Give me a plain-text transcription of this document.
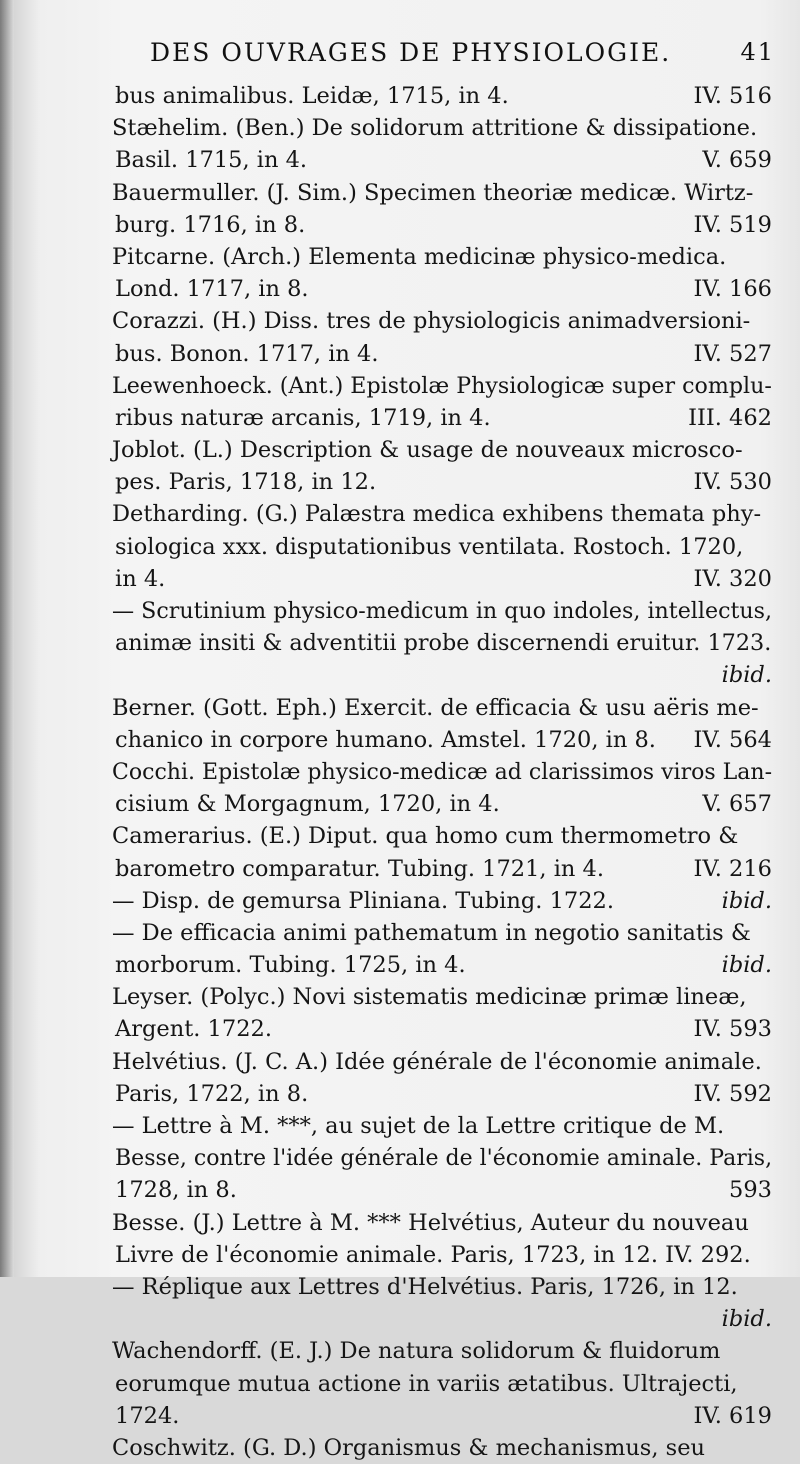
DES OUVRAGES DE PHYSIOLOGIE.	41
bus animalibus. Leidæ, 1715, in 4.	IV. 516
Stæhelim. (Ben.) De solidorum attritione & dissipatione.
Basil. 1715, in 4.	V. 659
Bauermuller. (J. Sim.) Specimen theoriæ medicæ. Wirtz-
burg. 1716, in 8.	IV. 519
Pitcarne. (Arch.) Elementa medicinæ physico-medica.
Lond. 1717, in 8.	IV. 166
Corazzi. (H.) Diss. tres de physiologicis animadversioni-
bus. Bonon. 1717, in 4.	IV. 527
Leewenhoeck. (Ant.) Epistolæ Physiologicæ super complu-
ribus naturæ arcanis, 1719, in 4.	III. 462
Joblot. (L.) Description & usage de nouveaux microsco-
pes. Paris, 1718, in 12.	IV. 530
Detharding. (G.) Palæstra medica exhibens themata phy-
siologica xxx. disputationibus ventilata. Rostoch. 1720,
in 4.	IV. 320
— Scrutinium physico-medicum in quo indoles, intellectus,
animæ insiti & adventitii probe discernendi eruitur. 1723.
ibid.
Berner. (Gott. Eph.) Exercit. de efficacia & usu aëris me-
chanico in corpore humano. Amstel. 1720, in 8. IV. 564
Cocchi. Epistolæ physico-medicæ ad clarissimos viros Lan-
cisium & Morgagnum, 1720, in 4.	V. 657
Camerarius. (E.) Diput. qua homo cum thermometro &
barometro comparatur. Tubing. 1721, in 4.	IV. 216
— Disp. de gemursa Pliniana. Tubing. 1722.	ibid.
— De efficacia animi pathematum in negotio sanitatis &
morborum. Tubing. 1725, in 4.	ibid.
Leyser. (Polyc.) Novi sistematis medicinæ primæ lineæ,
Argent. 1722.	IV. 593
Helvétius. (J. C. A.) Idée générale de l'économie animale.
Paris, 1722, in 8.	IV. 592
— Lettre à M. ***, au sujet de la Lettre critique de M.
Besse, contre l'idée générale de l'économie aminale. Paris,
1728, in 8.	593
Besse. (J.) Lettre à M. *** Helvétius, Auteur du nouveau
Livre de l'économie animale. Paris, 1723, in 12. IV. 292.
— Réplique aux Lettres d'Helvétius. Paris, 1726, in 12.
ibid.
Wachendorff. (E. J.) De natura solidorum & fluidorum
eorumque mutua actione in variis ætatibus. Ultrajecti,
1724.	IV. 619
Coschwitz. (G. D.) Organismus & mechanismus, seu
